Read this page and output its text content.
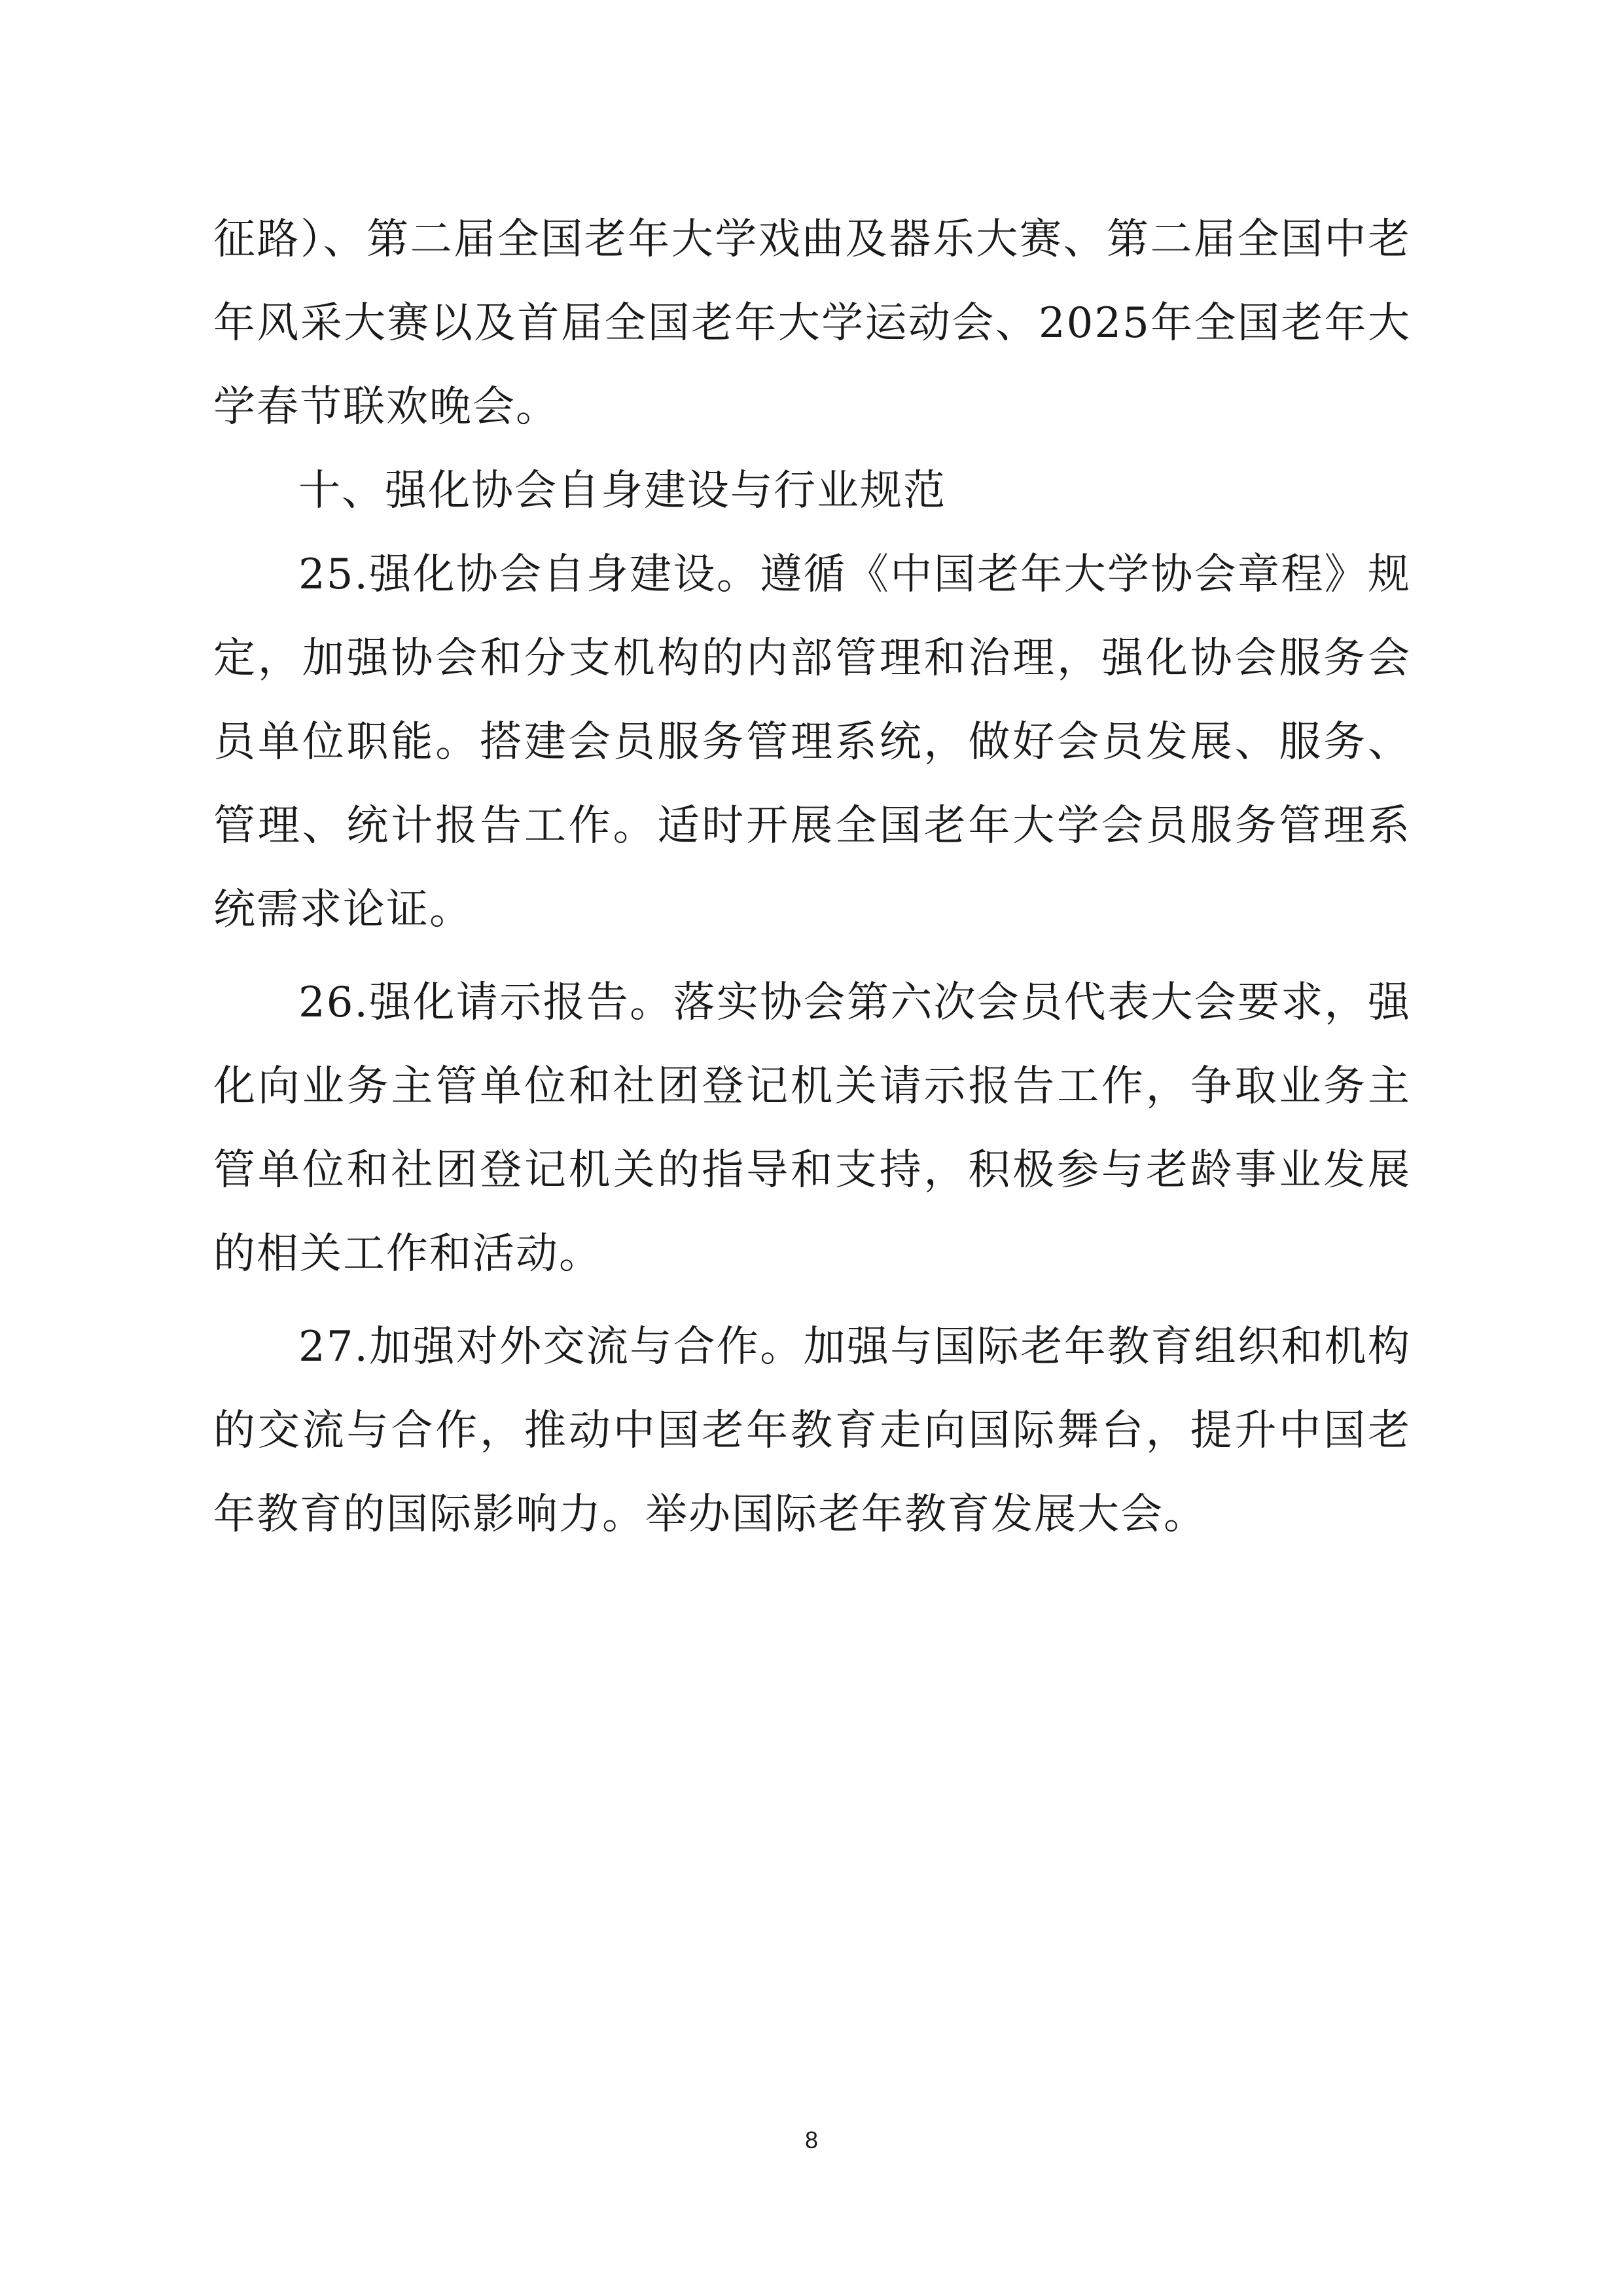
征路）、第二届全国老年大学戏曲及器乐大赛、第二届全国中老年风采大赛以及首届全国老年大学运动会、2025年全国老年大学春节联欢晚会。

十、强化协会自身建设与行业规范

25.强化协会自身建设。遵循《中国老年大学协会章程》规定，加强协会和分支机构的内部管理和治理，强化协会服务会员单位职能。搭建会员服务管理系统，做好会员发展、服务、管理、统计报告工作。适时开展全国老年大学会员服务管理系统需求论证。

26.强化请示报告。落实协会第六次会员代表大会要求，强化向业务主管单位和社团登记机关请示报告工作，争取业务主管单位和社团登记机关的指导和支持，积极参与老龄事业发展的相关工作和活动。

27.加强对外交流与合作。加强与国际老年教育组织和机构的交流与合作，推动中国老年教育走向国际舞台，提升中国老年教育的国际影响力。举办国际老年教育发展大会。

8
